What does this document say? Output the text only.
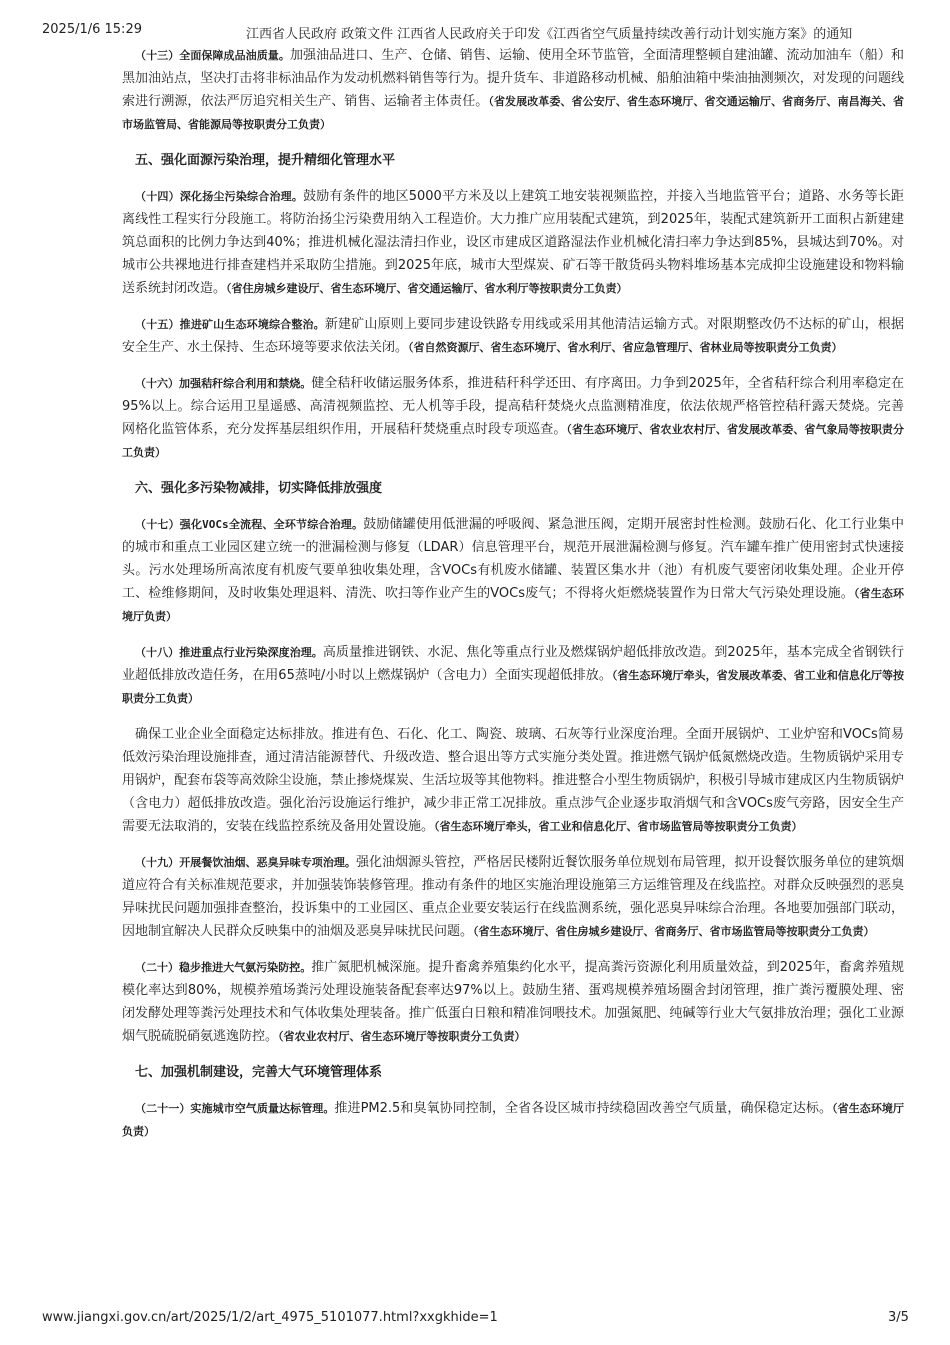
2025/1/6 15:29	江西省人民政府 政策文件 江西省人民政府关于印发《江西省空气质量持续改善行动计划实施方案》的通知

（十三）全面保障成品油质量。加强油品进口、生产、仓储、销售、运输、使用全环节监管，全面清理整顿自建油罐、流动加油车（船）和黑加油站点，坚决打击将非标油品作为发动机燃料销售等行为。提升货车、非道路移动机械、船舶油箱中柴油抽测频次，对发现的问题线索进行溯源，依法严厉追究相关生产、销售、运输者主体责任。（省发展改革委、省公安厅、省生态环境厅、省交通运输厅、省商务厅、南昌海关、省市场监管局、省能源局等按职责分工负责）

五、强化面源污染治理，提升精细化管理水平

（十四）深化扬尘污染综合治理。鼓励有条件的地区5000平方米及以上建筑工地安装视频监控，并接入当地监管平台；道路、水务等长距离线性工程实行分段施工。将防治扬尘污染费用纳入工程造价。大力推广应用装配式建筑，到2025年，装配式建筑新开工面积占新建建筑总面积的比例力争达到40%；推进机械化湿法清扫作业，设区市建成区道路湿法作业机械化清扫率力争达到85%，县城达到70%。对城市公共裸地进行排查建档并采取防尘措施。到2025年底，城市大型煤炭、矿石等干散货码头物料堆场基本完成抑尘设施建设和物料输送系统封闭改造。（省住房城乡建设厅、省生态环境厅、省交通运输厅、省水利厅等按职责分工负责）

（十五）推进矿山生态环境综合整治。新建矿山原则上要同步建设铁路专用线或采用其他清洁运输方式。对限期整改仍不达标的矿山，根据安全生产、水土保持、生态环境等要求依法关闭。（省自然资源厅、省生态环境厅、省水利厅、省应急管理厅、省林业局等按职责分工负责）

（十六）加强秸秆综合利用和禁烧。健全秸秆收储运服务体系，推进秸秆科学还田、有序离田。力争到2025年，全省秸秆综合利用率稳定在95%以上。综合运用卫星遥感、高清视频监控、无人机等手段，提高秸秆焚烧火点监测精准度，依法依规严格管控秸秆露天焚烧。完善网格化监管体系，充分发挥基层组织作用，开展秸秆焚烧重点时段专项巡查。（省生态环境厅、省农业农村厅、省发展改革委、省气象局等按职责分工负责）

六、强化多污染物减排，切实降低排放强度

（十七）强化VOCs全流程、全环节综合治理。鼓励储罐使用低泄漏的呼吸阀、紧急泄压阀，定期开展密封性检测。鼓励石化、化工行业集中的城市和重点工业园区建立统一的泄漏检测与修复（LDAR）信息管理平台，规范开展泄漏检测与修复。汽车罐车推广使用密封式快速接头。污水处理场所高浓度有机废气要单独收集处理，含VOCs有机废水储罐、装置区集水井（池）有机废气要密闭收集处理。企业开停工、检维修期间，及时收集处理退料、清洗、吹扫等作业产生的VOCs废气；不得将火炬燃烧装置作为日常大气污染处理设施。（省生态环境厅负责）

（十八）推进重点行业污染深度治理。高质量推进钢铁、水泥、焦化等重点行业及燃煤锅炉超低排放改造。到2025年，基本完成全省钢铁行业超低排放改造任务，在用65蒸吨/小时以上燃煤锅炉（含电力）全面实现超低排放。（省生态环境厅牵头，省发展改革委、省工业和信息化厅等按职责分工负责）

确保工业企业全面稳定达标排放。推进有色、石化、化工、陶瓷、玻璃、石灰等行业深度治理。全面开展锅炉、工业炉窑和VOCs简易低效污染治理设施排查，通过清洁能源替代、升级改造、整合退出等方式实施分类处置。推进燃气锅炉低氮燃烧改造。生物质锅炉采用专用锅炉，配套布袋等高效除尘设施，禁止掺烧煤炭、生活垃圾等其他物料。推进整合小型生物质锅炉，积极引导城市建成区内生物质锅炉（含电力）超低排放改造。强化治污设施运行维护，减少非正常工况排放。重点涉气企业逐步取消烟气和含VOCs废气旁路，因安全生产需要无法取消的，安装在线监控系统及备用处置设施。（省生态环境厅牵头，省工业和信息化厅、省市场监管局等按职责分工负责）

（十九）开展餐饮油烟、恶臭异味专项治理。强化油烟源头管控，严格居民楼附近餐饮服务单位规划布局管理，拟开设餐饮服务单位的建筑烟道应符合有关标准规范要求，并加强装饰装修管理。推动有条件的地区实施治理设施第三方运维管理及在线监控。对群众反映强烈的恶臭异味扰民问题加强排查整治，投诉集中的工业园区、重点企业要安装运行在线监测系统，强化恶臭异味综合治理。各地要加强部门联动，因地制宜解决人民群众反映集中的油烟及恶臭异味扰民问题。（省生态环境厅、省住房城乡建设厅、省商务厅、省市场监管局等按职责分工负责）

（二十）稳步推进大气氨污染防控。推广氮肥机械深施。提升畜禽养殖集约化水平，提高粪污资源化利用质量效益，到2025年，畜禽养殖规模化率达到80%，规模养殖场粪污处理设施装备配套率达97%以上。鼓励生猪、蛋鸡规模养殖场圈舍封闭管理，推广粪污覆膜处理、密闭发酵处理等粪污处理技术和气体收集处理装备。推广低蛋白日粮和精准饲喂技术。加强氮肥、纯碱等行业大气氨排放治理；强化工业源烟气脱硫脱硝氨逃逸防控。（省农业农村厅、省生态环境厅等按职责分工负责）

七、加强机制建设，完善大气环境管理体系

（二十一）实施城市空气质量达标管理。推进PM2.5和臭氧协同控制，全省各设区城市持续稳固改善空气质量，确保稳定达标。（省生态环境厅负责）

www.jiangxi.gov.cn/art/2025/1/2/art_4975_5101077.html?xxgkhide=1	3/5
